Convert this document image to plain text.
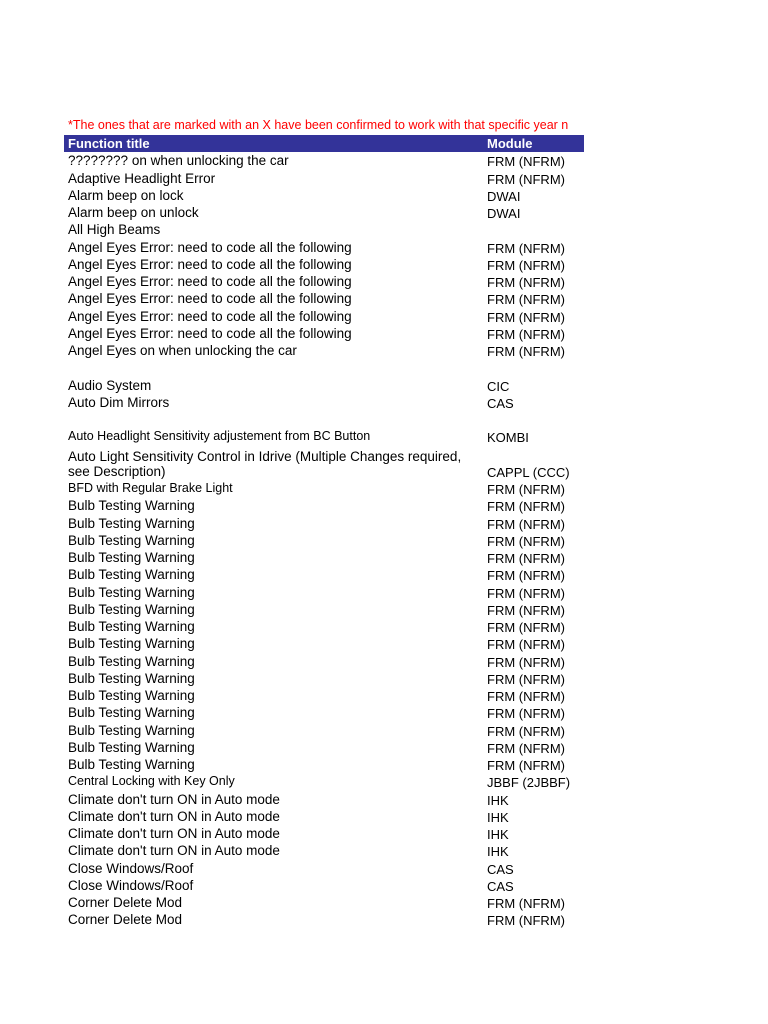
*The ones that are marked with an X have been confirmed to work with that specific year n
Function title	Module
???????? on when unlocking the car	FRM (NFRM)
Adaptive Headlight Error	FRM (NFRM)
Alarm beep on lock	DWAI
Alarm beep on unlock	DWAI
All High Beams
Angel Eyes Error: need to code all the following	FRM (NFRM)
Angel Eyes Error: need to code all the following	FRM (NFRM)
Angel Eyes Error: need to code all the following	FRM (NFRM)
Angel Eyes Error: need to code all the following	FRM (NFRM)
Angel Eyes Error: need to code all the following	FRM (NFRM)
Angel Eyes Error: need to code all the following	FRM (NFRM)
Angel Eyes on when unlocking the car	FRM (NFRM)
Audio System	CIC
Auto Dim Mirrors	CAS
Auto Headlight Sensitivity adjustement from BC Button	KOMBI
Auto Light Sensitivity Control in Idrive (Multiple Changes required, see Description)	CAPPL (CCC)
BFD with Regular Brake Light	FRM (NFRM)
Bulb Testing Warning	FRM (NFRM)
Bulb Testing Warning	FRM (NFRM)
Bulb Testing Warning	FRM (NFRM)
Bulb Testing Warning	FRM (NFRM)
Bulb Testing Warning	FRM (NFRM)
Bulb Testing Warning	FRM (NFRM)
Bulb Testing Warning	FRM (NFRM)
Bulb Testing Warning	FRM (NFRM)
Bulb Testing Warning	FRM (NFRM)
Bulb Testing Warning	FRM (NFRM)
Bulb Testing Warning	FRM (NFRM)
Bulb Testing Warning	FRM (NFRM)
Bulb Testing Warning	FRM (NFRM)
Bulb Testing Warning	FRM (NFRM)
Bulb Testing Warning	FRM (NFRM)
Bulb Testing Warning	FRM (NFRM)
Central Locking with Key Only	JBBF (2JBBF)
Climate don't turn ON in Auto mode	IHK
Climate don't turn ON in Auto mode	IHK
Climate don't turn ON in Auto mode	IHK
Climate don't turn ON in Auto mode	IHK
Close Windows/Roof	CAS
Close Windows/Roof	CAS
Corner Delete Mod	FRM (NFRM)
Corner Delete Mod	FRM (NFRM)
